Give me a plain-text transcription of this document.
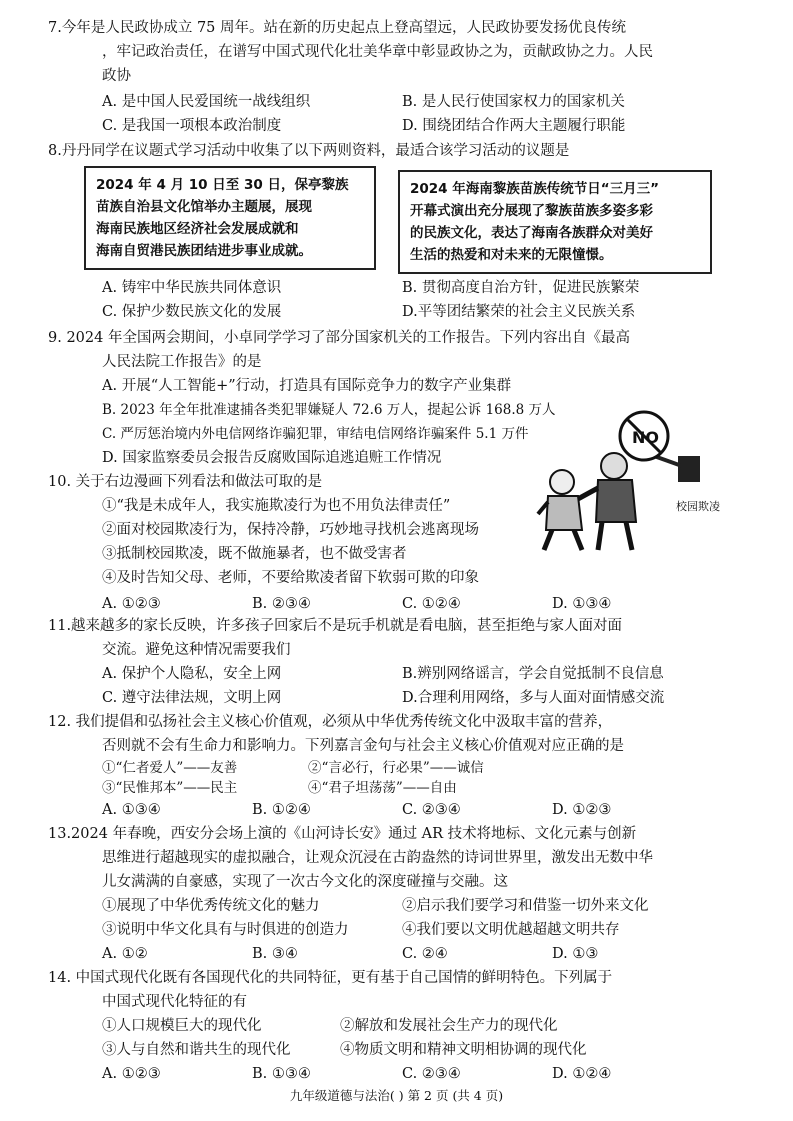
7.今年是人民政协成立 75 周年。站在新的历史起点上登高望远，人民政协要发扬优良传统
，牢记政治责任，在谱写中国式现代化壮美华章中彰显政协之为，贡献政协之力。人民
政协
A. 是中国人民爱国统一战线组织	B. 是人民行使国家权力的国家机关
C. 是我国一项根本政治制度	D. 围绕团结合作两大主题履行职能
8.丹丹同学在议题式学习活动中收集了以下两则资料，最适合该学习活动的议题是
2024 年 4 月 10 日至 30 日，保亭黎族
苗族自治县文化馆举办主题展，展现
海南民族地区经济社会发展成就和
海南自贸港民族团结进步事业成就。
2024 年海南黎族苗族传统节日“三月三”
开幕式演出充分展现了黎族苗族多姿多彩
的民族文化，表达了海南各族群众对美好
生活的热爱和对未来的无限憧憬。
A. 铸牢中华民族共同体意识	B. 贯彻高度自治方针，促进民族繁荣
C. 保护少数民族文化的发展	D.平等团结繁荣的社会主义民族关系
9. 2024 年全国两会期间，小卓同学学习了部分国家机关的工作报告。下列内容出自《最高
人民法院工作报告》的是
A. 开展“人工智能+”行动，打造具有国际竞争力的数字产业集群
B. 2023 年全年批准逮捕各类犯罪嫌疑人 72.6 万人，提起公诉 168.8 万人
C. 严厉惩治境内外电信网络诈骗犯罪，审结电信网络诈骗案件 5.1 万件
D. 国家监察委员会报告反腐败国际追逃追赃工作情况
10. 关于右边漫画下列看法和做法可取的是
①“我是未成年人，我实施欺凌行为也不用负法律责任”
②面对校园欺凌行为，保持冷静，巧妙地寻找机会逃离现场
③抵制校园欺凌，既不做施暴者，也不做受害者
④及时告知父母、老师，不要给欺凌者留下软弱可欺的印象
A. ①②③	B. ②③④	C. ①②④	D. ①③④
NO
校园欺凌
11.越来越多的家长反映，许多孩子回家后不是玩手机就是看电脑，甚至拒绝与家人面对面
交流。避免这种情况需要我们
A. 保护个人隐私，安全上网	B.辨别网络谣言，学会自觉抵制不良信息
C. 遵守法律法规，文明上网	D.合理利用网络，多与人面对面情感交流
12. 我们提倡和弘扬社会主义核心价值观，必须从中华优秀传统文化中汲取丰富的营养，
否则就不会有生命力和影响力。下列嘉言金句与社会主义核心价值观对应正确的是
①“仁者爱人”——友善	②“言必行，行必果”——诚信
③“民惟邦本”——民主	④“君子坦荡荡”——自由
A. ①③④	B. ①②④	C. ②③④	D. ①②③
13.2024 年春晚，西安分会场上演的《山河诗长安》通过 AR 技术将地标、文化元素与创新
思维进行超越现实的虚拟融合，让观众沉浸在古韵盎然的诗词世界里，激发出无数中华
儿女满满的自豪感，实现了一次古今文化的深度碰撞与交融。这
①展现了中华优秀传统文化的魅力	②启示我们要学习和借鉴一切外来文化
③说明中华文化具有与时俱进的创造力	④我们要以文明优越超越文明共存
A. ①②	B. ③④	C. ②④	D. ①③
14. 中国式现代化既有各国现代化的共同特征，更有基于自己国情的鲜明特色。下列属于
中国式现代化特征的有
①人口规模巨大的现代化	②解放和发展社会生产力的现代化
③人与自然和谐共生的现代化	④物质文明和精神文明相协调的现代化
A. ①②③	B. ①③④	C. ②③④	D. ①②④
九年级道德与法治( ) 第 2 页 (共 4 页)
